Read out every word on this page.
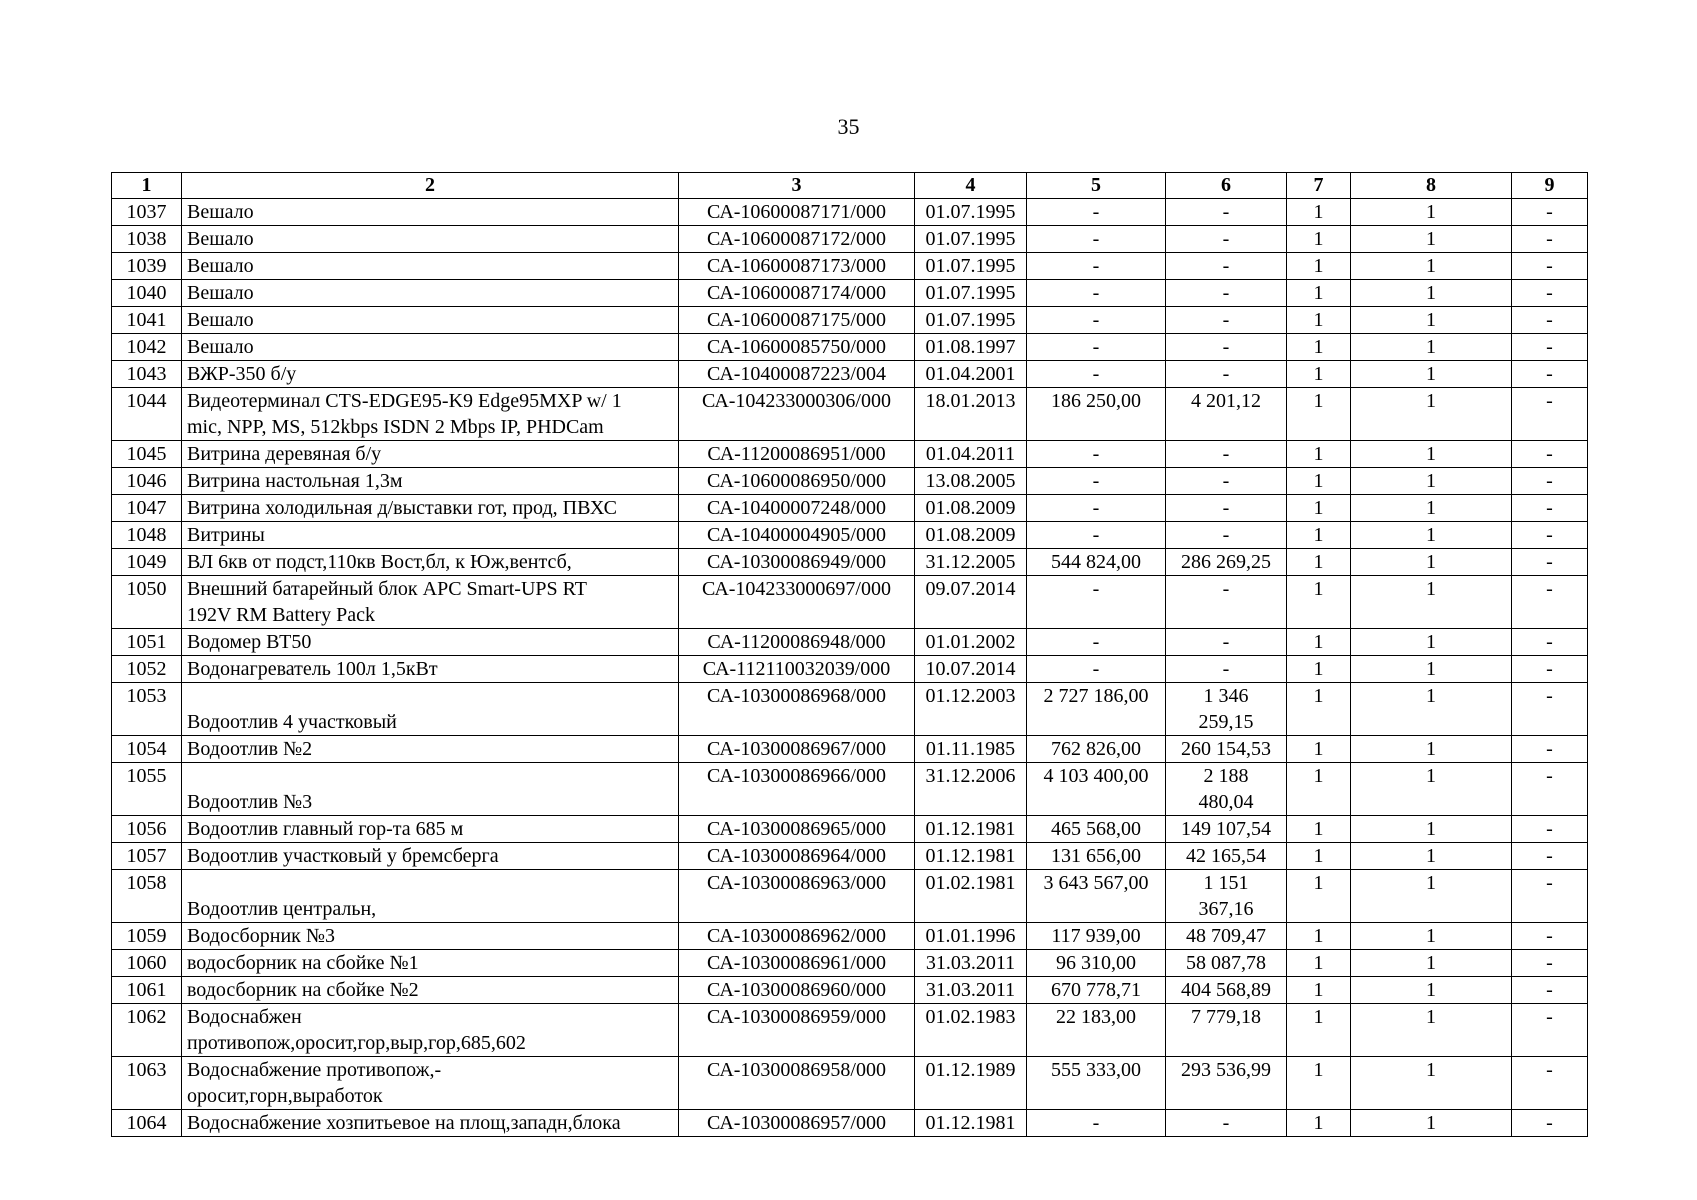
35
1	2	3	4	5	6	7	8	9

1037	Вешало	СА-10600087171/000	01.07.1995	-	-	1	1	-

1038	Вешало	СА-10600087172/000	01.07.1995	-	-	1	1	-

1039	Вешало	СА-10600087173/000	01.07.1995	-	-	1	1	-

1040	Вешало	СА-10600087174/000	01.07.1995	-	-	1	1	-

1041	Вешало	СА-10600087175/000	01.07.1995	-	-	1	1	-

1042	Вешало	СА-10600085750/000	01.08.1997	-	-	1	1	-

1043	ВЖР-350 б/у	СА-10400087223/004	01.04.2001	-	-	1	1	-

1044	Видеотерминал CTS-EDGE95-K9 Edge95MXP w/ 1
mic, NPP, MS, 512kbps ISDN 2 Mbps IP, PHDCam	СА-104233000306/000	18.01.2013	186 250,00	4 201,12	1	1	-

1045	Витрина деревяная б/у	СА-11200086951/000	01.04.2011	-	-	1	1	-

1046	Витрина настольная 1,3м	СА-10600086950/000	13.08.2005	-	-	1	1	-

1047	Витрина холодильная д/выставки гот, прод, ПВХС	СА-10400007248/000	01.08.2009	-	-	1	1	-

1048	Витрины	СА-10400004905/000	01.08.2009	-	-	1	1	-

1049	ВЛ 6кв от подст,110кв Вост,бл, к Юж,вентсб,	СА-10300086949/000	31.12.2005	544 824,00	286 269,25	1	1	-

1050	Внешний батарейный блок APC Smart-UPS RT
192V RM Battery Pack	СА-104233000697/000	09.07.2014	-	-	1	1	-

1051	Водомер ВТ50	СА-11200086948/000	01.01.2002	-	-	1	1	-

1052	Водонагреватель 100л 1,5кВт	СА-112110032039/000	10.07.2014	-	-	1	1	-

1053	Водоотлив 4 участковый	СА-10300086968/000	01.12.2003	2 727 186,00	1 346
259,15	1	1	-

1054	Водоотлив №2	СА-10300086967/000	01.11.1985	762 826,00	260 154,53	1	1	-

1055	Водоотлив №3	СА-10300086966/000	31.12.2006	4 103 400,00	2 188
480,04	1	1	-

1056	Водоотлив главный гор-та 685 м	СА-10300086965/000	01.12.1981	465 568,00	149 107,54	1	1	-

1057	Водоотлив участковый у бремсберга	СА-10300086964/000	01.12.1981	131 656,00	42 165,54	1	1	-

1058	Водоотлив центральн,	СА-10300086963/000	01.02.1981	3 643 567,00	1 151
367,16	1	1	-

1059	Водосборник №3	СА-10300086962/000	01.01.1996	117 939,00	48 709,47	1	1	-

1060	водосборник на сбойке №1	СА-10300086961/000	31.03.2011	96 310,00	58 087,78	1	1	-

1061	водосборник на сбойке №2	СА-10300086960/000	31.03.2011	670 778,71	404 568,89	1	1	-

1062	Водоснабжен
противопож,оросит,гор,выр,гор,685,602	СА-10300086959/000	01.02.1983	22 183,00	7 779,18	1	1	-

1063	Водоснабжение противопож,-
оросит,горн,выработок	СА-10300086958/000	01.12.1989	555 333,00	293 536,99	1	1	-

1064	Водоснабжение хозпитьевое на площ,западн,блока	СА-10300086957/000	01.12.1981	-	-	1	1	-
